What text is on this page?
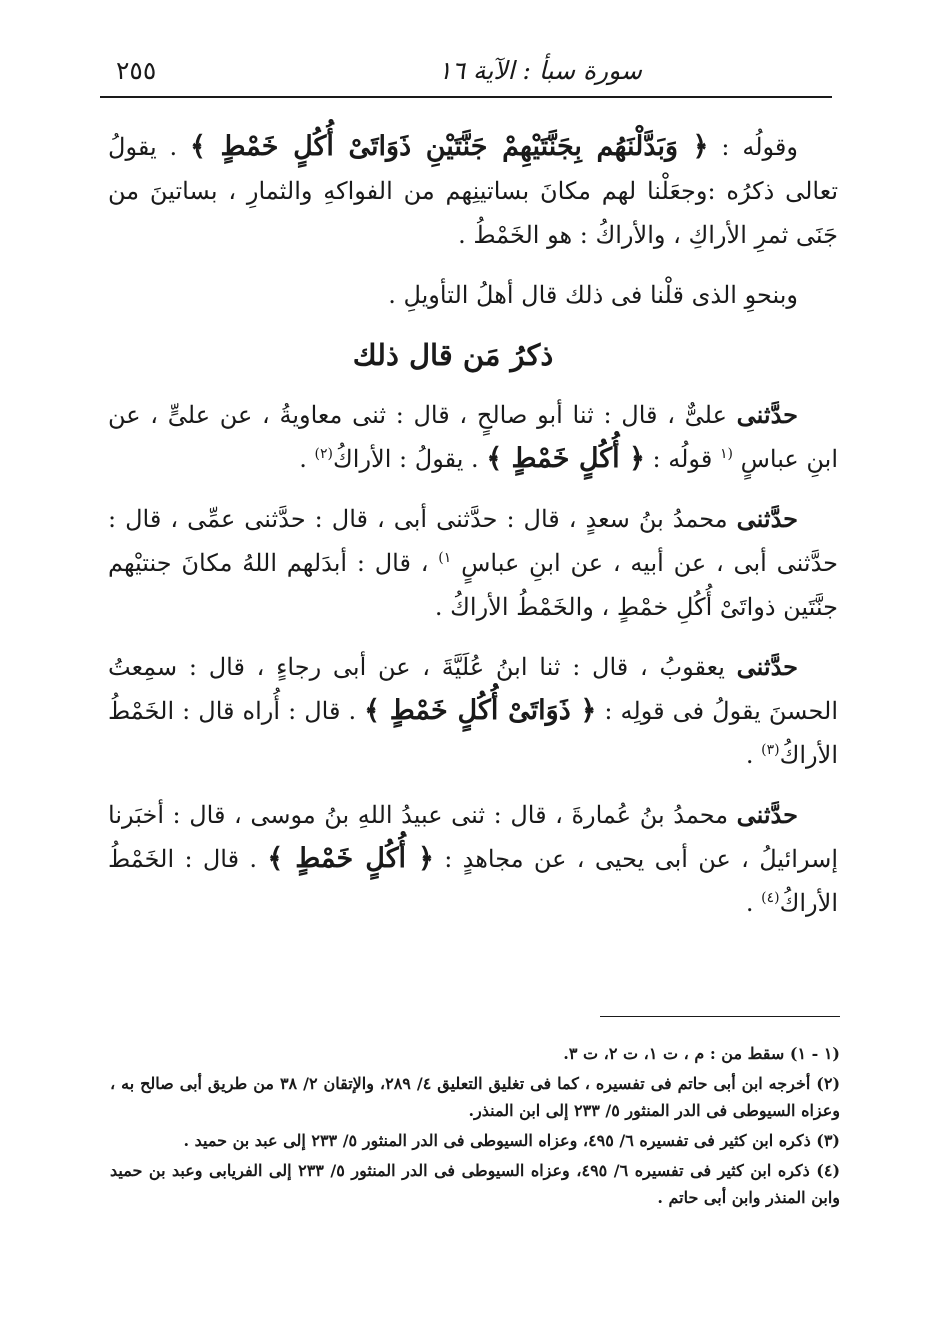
سورة سبأ : الآية ١٦
٢٥٥

وقولُه : ﴿ وَبَدَّلْنَهُم بِجَنَّتَيْهِمْ جَنَّتَيْنِ ذَوَاتَىْ أُكُلٍ خَمْطٍ ﴾ . يقولُ تعالى ذكرُه :وجعَلْنا لهم مكانَ بساتينِهم من الفواكهِ والثمارِ ، بساتينَ من جَنَى ثمرِ الأراكِ ، والأراكُ : هو الخَمْطُ .

وبنحوِ الذى قلْنا فى ذلك قال أهلُ التأويلِ .

ذكرُ مَن قال ذلك

حدَّثنى علىٌّ ، قال : ثنا أبو صالحٍ ، قال : ثنى معاويةُ ، عن علىٍّ ، عن ابنِ عباسٍ $^{(١}$ قولُه : ﴿ أُكُلٍ خَمْطٍ ﴾ . يقولُ : الأراكُ$^{(٢)}$ .

حدَّثنى محمدُ بنُ سعدٍ ، قال : حدَّثنى أبى ، قال : حدَّثنى عمِّى ، قال : حدَّثنى أبى ، عن أبيه ، عن ابنِ عباسٍ $^{١)}$ ، قال : أبدَلهم اللهُ مكانَ جنتيْهم جنَّتَين ذواتَىْ أُكُلِ خمْطٍ ، والخَمْطُ الأراكُ .

حدَّثنى يعقوبُ ، قال : ثنا ابنُ عُلَيَّةَ ، عن أبى رجاءٍ ، قال : سمِعتُ الحسنَ يقولُ فى قولِه : ﴿ ذَوَاتَىْ أُكُلٍ خَمْطٍ ﴾ . قال : أُراه قال : الخَمْطُ الأراكُ$^{(٣)}$ .

حدَّثنى محمدُ بنُ عُمارةَ ، قال : ثنى عبيدُ اللهِ بنُ موسى ، قال : أخبَرنا إسرائيلُ ، عن أبى يحيى ، عن مجاهدٍ : ﴿ أُكُلٍ خَمْطٍ ﴾ . قال : الخَمْطُ الأراكُ$^{(٤)}$ .

(١ - ١) سقط من : م ، ت ١، ت ٢، ت ٣.

(٢) أخرجه ابن أبى حاتم فى تفسيره ، كما فى تغليق التعليق ٤/ ٢٨٩، والإتقان ٢/ ٣٨ من طريق أبى صالح به ، وعزاه السيوطى فى الدر المنثور ٥/ ٢٣٣ إلى ابن المنذر.

(٣) ذكره ابن كثير فى تفسيره ٦/ ٤٩٥، وعزاه السيوطى فى الدر المنثور ٥/ ٢٣٣ إلى عبد بن حميد .

(٤) ذكره ابن كثير فى تفسيره ٦/ ٤٩٥، وعزاه السيوطى فى الدر المنثور ٥/ ٢٣٣ إلى الفريابى وعبد بن حميد وابن المنذر وابن أبى حاتم .
